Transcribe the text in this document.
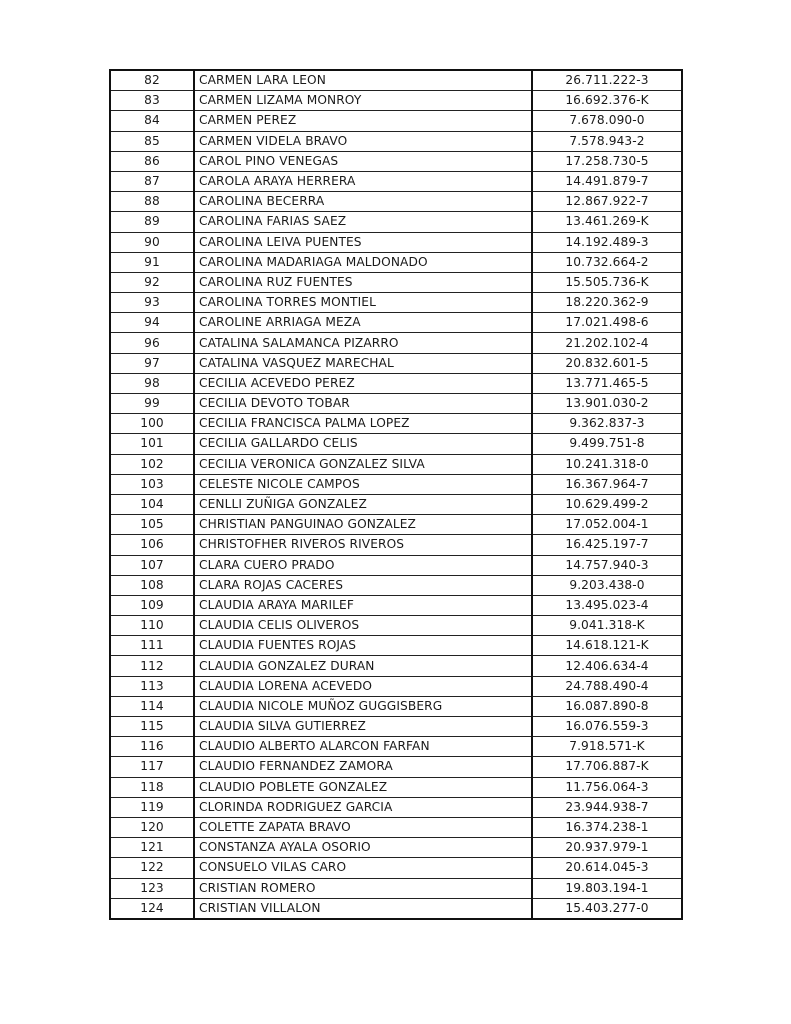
82	CARMEN LARA LEON	26.711.222-3
83	CARMEN LIZAMA MONROY	16.692.376-K
84	CARMEN PEREZ	7.678.090-0
85	CARMEN VIDELA BRAVO	7.578.943-2
86	CAROL PINO VENEGAS	17.258.730-5
87	CAROLA ARAYA HERRERA	14.491.879-7
88	CAROLINA BECERRA	12.867.922-7
89	CAROLINA FARIAS SAEZ	13.461.269-K
90	CAROLINA LEIVA PUENTES	14.192.489-3
91	CAROLINA MADARIAGA MALDONADO	10.732.664-2
92	CAROLINA RUZ FUENTES	15.505.736-K
93	CAROLINA TORRES MONTIEL	18.220.362-9
94	CAROLINE ARRIAGA MEZA	17.021.498-6
96	CATALINA SALAMANCA PIZARRO	21.202.102-4
97	CATALINA VASQUEZ MARECHAL	20.832.601-5
98	CECILIA ACEVEDO PEREZ	13.771.465-5
99	CECILIA DEVOTO TOBAR	13.901.030-2
100	CECILIA FRANCISCA PALMA LOPEZ	9.362.837-3
101	CECILIA GALLARDO CELIS	9.499.751-8
102	CECILIA VERONICA GONZALEZ SILVA	10.241.318-0
103	CELESTE NICOLE CAMPOS	16.367.964-7
104	CENLLI ZUÑIGA GONZALEZ	10.629.499-2
105	CHRISTIAN PANGUINAO GONZALEZ	17.052.004-1
106	CHRISTOFHER RIVEROS RIVEROS	16.425.197-7
107	CLARA CUERO PRADO	14.757.940-3
108	CLARA ROJAS CACERES	9.203.438-0
109	CLAUDIA ARAYA MARILEF	13.495.023-4
110	CLAUDIA CELIS OLIVEROS	9.041.318-K
111	CLAUDIA FUENTES ROJAS	14.618.121-K
112	CLAUDIA GONZALEZ DURAN	12.406.634-4
113	CLAUDIA LORENA ACEVEDO	24.788.490-4
114	CLAUDIA NICOLE MUÑOZ GUGGISBERG	16.087.890-8
115	CLAUDIA SILVA GUTIERREZ	16.076.559-3
116	CLAUDIO ALBERTO ALARCON FARFAN	7.918.571-K
117	CLAUDIO FERNANDEZ ZAMORA	17.706.887-K
118	CLAUDIO POBLETE GONZALEZ	11.756.064-3
119	CLORINDA RODRIGUEZ GARCIA	23.944.938-7
120	COLETTE ZAPATA BRAVO	16.374.238-1
121	CONSTANZA AYALA OSORIO	20.937.979-1
122	CONSUELO VILAS CARO	20.614.045-3
123	CRISTIAN ROMERO	19.803.194-1
124	CRISTIAN VILLALON	15.403.277-0
